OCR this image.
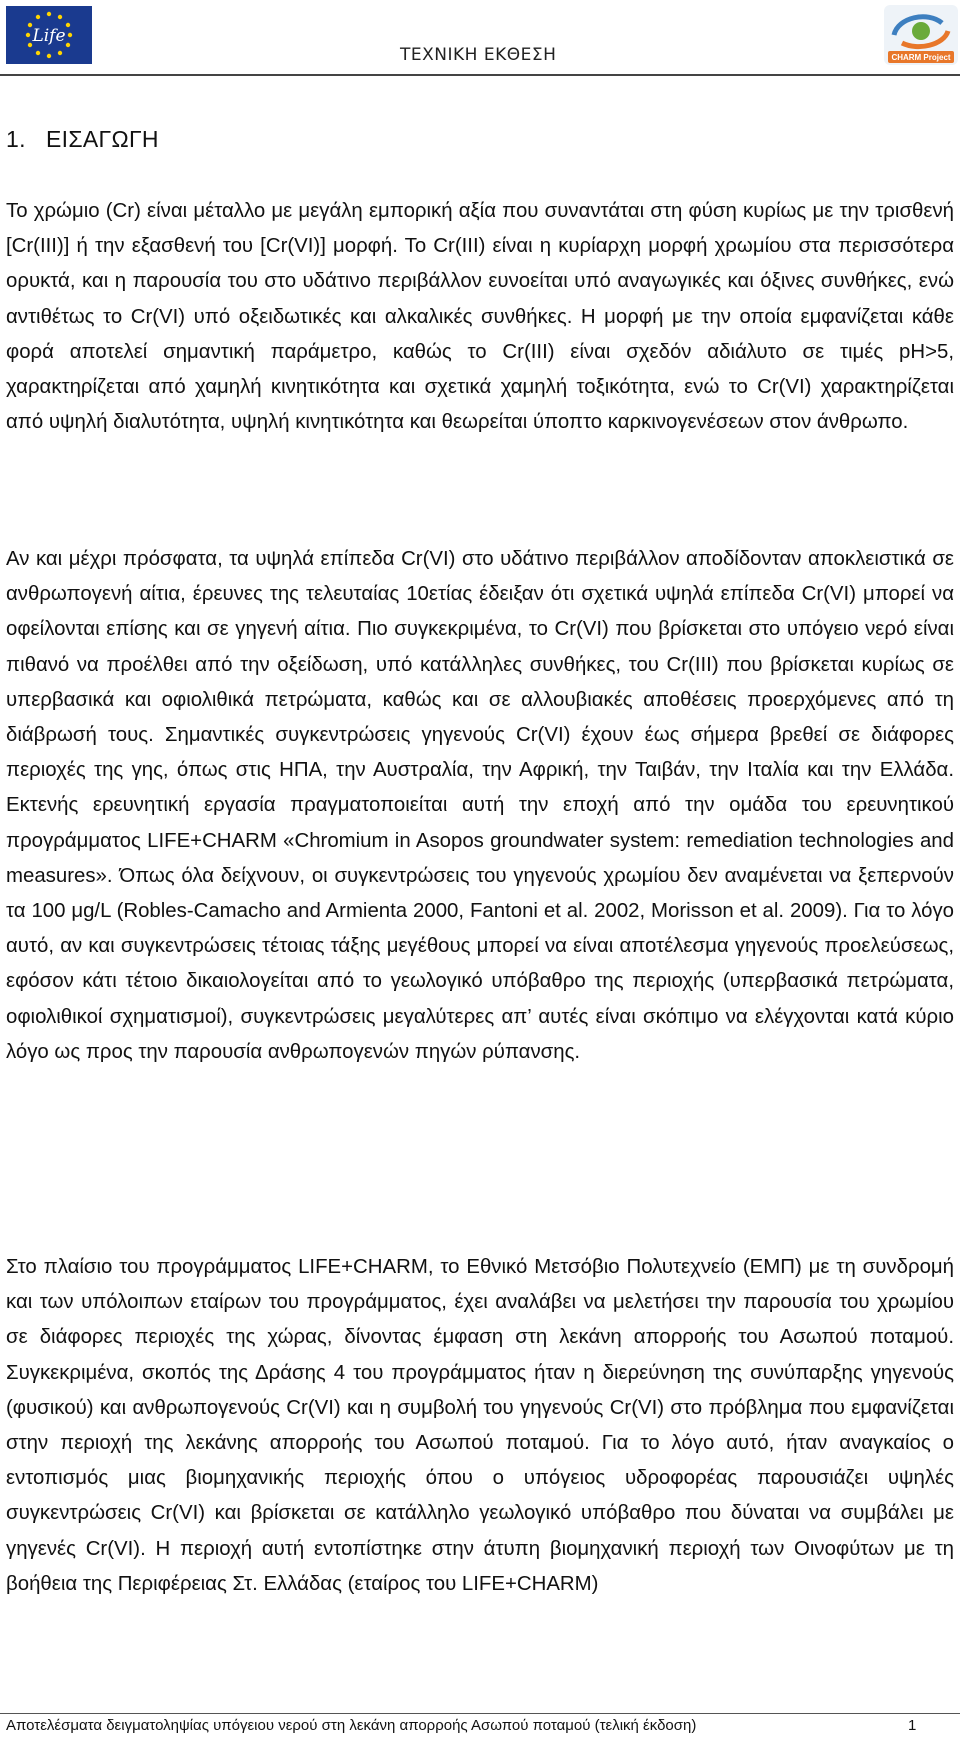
Life
ΤΕΧΝΙΚΗ ΕΚΘΕΣΗ	CHARM Project
1. ΕΙΣΑΓΩΓΗ

Το χρώμιο (Cr) είναι μέταλλο με μεγάλη εμπορική αξία που συναντάται στη φύση κυρίως με την τρισθενή [Cr(III)] ή την εξασθενή του [Cr(VI)] μορφή. Το Cr(III) είναι η κυρίαρχη μορφή χρωμίου στα περισσότερα ορυκτά, και η παρουσία του στο υδάτινο περιβάλλον ευνοείται υπό αναγωγικές και όξινες συνθήκες, ενώ αντιθέτως το Cr(VI) υπό οξειδωτικές και αλκαλικές συνθήκες. Η μορφή με την οποία εμφανίζεται κάθε φορά αποτελεί σημαντική παράμετρο, καθώς το Cr(III) είναι σχεδόν αδιάλυτο σε τιμές pH>5, χαρακτηρίζεται από χαμηλή κινητικότητα και σχετικά χαμηλή τοξικότητα, ενώ το Cr(VI) χαρακτηρίζεται από υψηλή διαλυτότητα, υψηλή κινητικότητα και θεωρείται ύποπτο καρκινογενέσεων στον άνθρωπο.

Αν και μέχρι πρόσφατα, τα υψηλά επίπεδα Cr(VI) στο υδάτινο περιβάλλον αποδίδονταν αποκλειστικά σε ανθρωπογενή αίτια, έρευνες της τελευταίας 10ετίας έδειξαν ότι σχετικά υψηλά επίπεδα Cr(VI) μπορεί να οφείλονται επίσης και σε γηγενή αίτια. Πιο συγκεκριμένα, το Cr(VI) που βρίσκεται στο υπόγειο νερό είναι πιθανό να προέλθει από την οξείδωση, υπό κατάλληλες συνθήκες, του Cr(III) που βρίσκεται κυρίως σε υπερβασικά και οφιολιθικά πετρώματα, καθώς και σε αλλουβιακές αποθέσεις προερχόμενες από τη διάβρωσή τους. Σημαντικές συγκεντρώσεις γηγενούς Cr(VI) έχουν έως σήμερα βρεθεί σε διάφορες περιοχές της γης, όπως στις ΗΠΑ, την Αυστραλία, την Αφρική, την Ταιβάν, την Ιταλία και την Ελλάδα. Εκτενής ερευνητική εργασία πραγματοποιείται αυτή την εποχή από την ομάδα του ερευνητικού προγράμματος LIFE+CHARM «Chromium in Asopos groundwater system: remediation technologies and measures». Όπως όλα δείχνουν, οι συγκεντρώσεις του γηγενούς χρωμίου δεν αναμένεται να ξεπερνούν τα 100 μg/L (Robles-Camacho and Armienta 2000, Fantoni et al. 2002, Morisson et al. 2009). Για το λόγο αυτό, αν και συγκεντρώσεις τέτοιας τάξης μεγέθους μπορεί να είναι αποτέλεσμα γηγενούς προελεύσεως, εφόσον κάτι τέτοιο δικαιολογείται από το γεωλογικό υπόβαθρο της περιοχής (υπερβασικά πετρώματα, οφιολιθικοί σχηματισμοί), συγκεντρώσεις μεγαλύτερες απ’ αυτές είναι σκόπιμο να ελέγχονται κατά κύριο λόγο ως προς την παρουσία ανθρωπογενών πηγών ρύπανσης.

Στο πλαίσιο του προγράμματος LIFE+CHARM, το Εθνικό Μετσόβιο Πολυτεχνείο (ΕΜΠ) με τη συνδρομή και των υπόλοιπων εταίρων του προγράμματος, έχει αναλάβει να μελετήσει την παρουσία του χρωμίου σε διάφορες περιοχές της χώρας, δίνοντας έμφαση στη λεκάνη απορροής του Ασωπού ποταμού. Συγκεκριμένα, σκοπός της Δράσης 4 του προγράμματος ήταν η διερεύνηση της συνύπαρξης γηγενούς (φυσικού) και ανθρωπογενούς Cr(VI) και η συμβολή του γηγενούς Cr(VI) στο πρόβλημα που εμφανίζεται στην περιοχή της λεκάνης απορροής του Ασωπού ποταμού. Για το λόγο αυτό, ήταν αναγκαίος ο εντοπισμός μιας βιομηχανικής περιοχής όπου ο υπόγειος υδροφορέας παρουσιάζει υψηλές συγκεντρώσεις Cr(VI) και βρίσκεται σε κατάλληλο γεωλογικό υπόβαθρο που δύναται να συμβάλει με γηγενές Cr(VI). Η περιοχή αυτή εντοπίστηκε στην άτυπη βιομηχανική περιοχή των Οινοφύτων με τη βοήθεια της Περιφέρειας Στ. Ελλάδας (εταίρος του LIFE+CHARM)

Αποτελέσματα δειγματοληψίας υπόγειου νερού στη λεκάνη απορροής Ασωπού ποταμού (τελική έκδοση)	1
